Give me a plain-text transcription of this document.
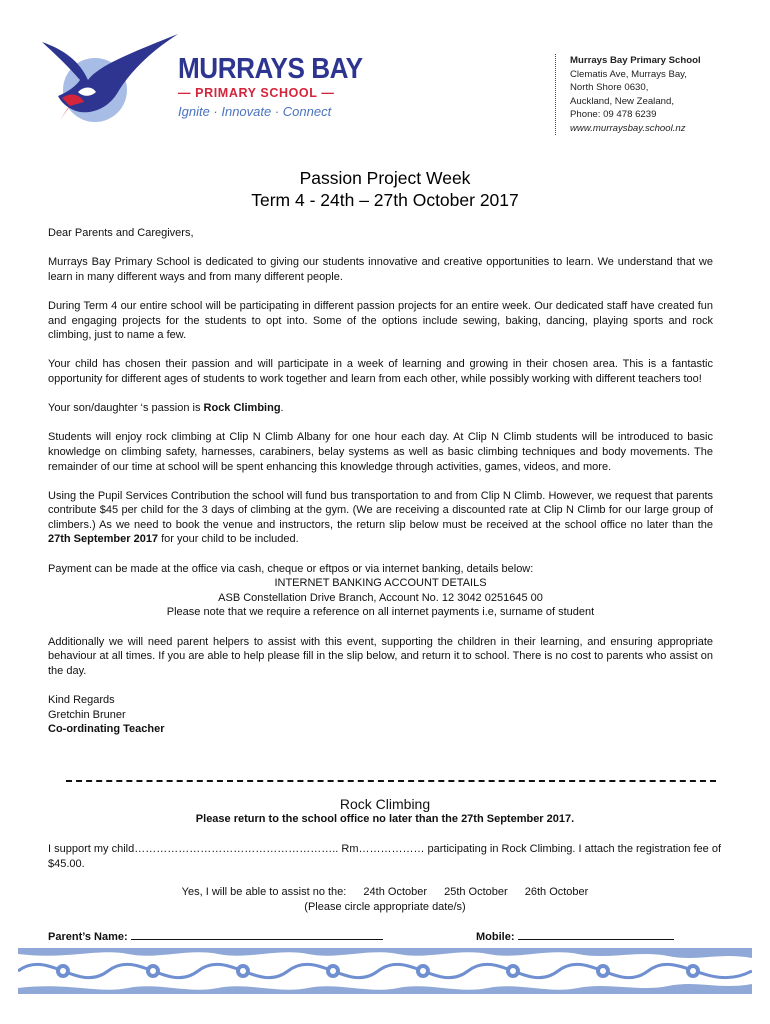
MURRAYS BAY
— PRIMARY SCHOOL —
Ignite · Innovate · Connect
Murrays Bay Primary School
Clematis Ave, Murrays Bay,
North Shore 0630,
Auckland, New Zealand,
Phone: 09 478 6239
www.murraysbay.school.nz
Passion Project Week
Term 4 - 24th – 27th October 2017

Dear Parents and Caregivers,

Murrays Bay Primary School is dedicated to giving our students innovative and creative opportunities to learn. We understand that we learn in many different ways and from many different people.

During Term 4 our entire school will be participating in different passion projects for an entire week. Our dedicated staff have created fun and engaging projects for the students to opt into. Some of the options include sewing, baking, dancing, playing sports and rock climbing, just to name a few.

Your child has chosen their passion and will participate in a week of learning and growing in their chosen area. This is a fantastic opportunity for different ages of students to work together and learn from each other, while possibly working with different teachers too!

Your son/daughter ‘s passion is Rock Climbing.

Students will enjoy rock climbing at Clip N Climb Albany for one hour each day. At Clip N Climb students will be introduced to basic knowledge on climbing safety, harnesses, carabiners, belay systems as well as basic climbing techniques and body movements. The remainder of our time at school will be spent enhancing this knowledge through activities, games, videos, and more.

Using the Pupil Services Contribution the school will fund bus transportation to and from Clip N Climb. However, we request that parents contribute $45 per child for the 3 days of climbing at the gym. (We are receiving a discounted rate at Clip N Climb for our large group of climbers.) As we need to book the venue and instructors, the return slip below must be received at the school office no later than the 27th September 2017 for your child to be included.

Payment can be made at the office via cash, cheque or eftpos or via internet banking, details below:

INTERNET BANKING ACCOUNT DETAILS
ASB Constellation Drive Branch, Account No. 12 3042 0251645 00
Please note that we require a reference on all internet payments i.e, surname of student

Additionally we will need parent helpers to assist with this event, supporting the children in their learning, and ensuring appropriate behaviour at all times. If you are able to help please fill in the slip below, and return it to school. There is no cost to parents who assist on the day.

Kind Regards
Gretchin Bruner
Co-ordinating Teacher
Rock Climbing
Please return to the school office no later than the 27th September 2017.
I support my child……………………………………………….. Rm……………… participating in Rock Climbing. I attach the registration fee of $45.00.
Yes, I will be able to assist no the: 24th October 25th October 26th October
(Please circle appropriate date/s)
Parent’s Name:	Mobile:
